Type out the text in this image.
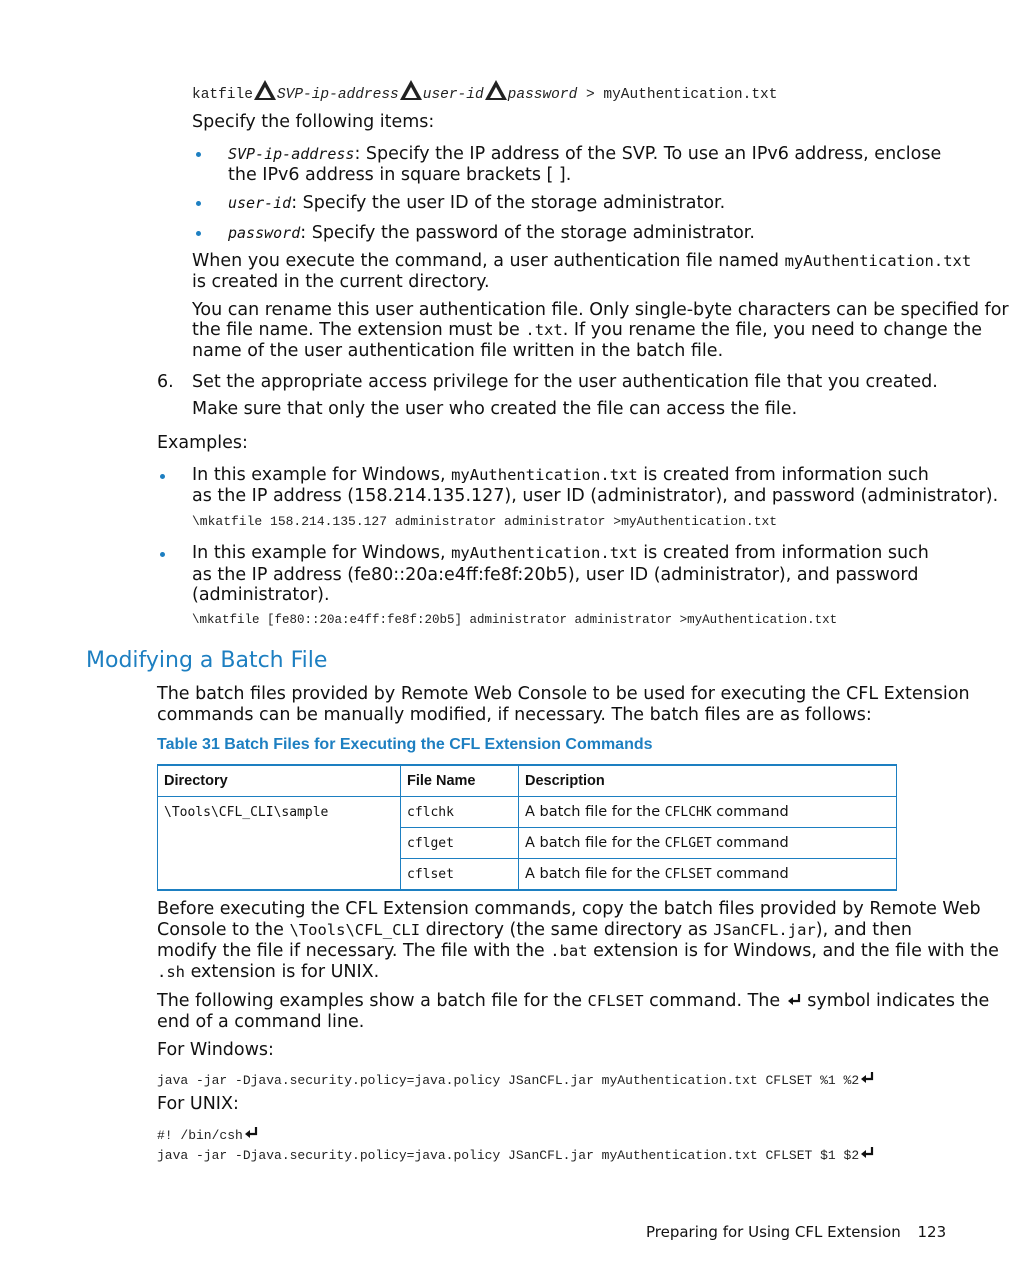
katfile SVP-ip-address user-id password > myAuthentication.txt
Specify the following items:
SVP-ip-address: Specify the IP address of the SVP. To use an IPv6 address, enclose
the IPv6 address in square brackets [ ].
user-id: Specify the user ID of the storage administrator.
password: Specify the password of the storage administrator.
When you execute the command, a user authentication file named myAuthentication.txt
is created in the current directory.
You can rename this user authentication file. Only single-byte characters can be specified for
the file name. The extension must be .txt. If you rename the file, you need to change the
name of the user authentication file written in the batch file.
6. Set the appropriate access privilege for the user authentication file that you created.
Make sure that only the user who created the file can access the file.
Examples:
In this example for Windows, myAuthentication.txt is created from information such
as the IP address (158.214.135.127), user ID (administrator), and password (administrator).
\mkatfile 158.214.135.127 administrator administrator >myAuthentication.txt
In this example for Windows, myAuthentication.txt is created from information such
as the IP address (fe80::20a:e4ff:fe8f:20b5), user ID (administrator), and password
(administrator).
\mkatfile [fe80::20a:e4ff:fe8f:20b5] administrator administrator >myAuthentication.txt
Modifying a Batch File
The batch files provided by Remote Web Console to be used for executing the CFL Extension
commands can be manually modified, if necessary. The batch files are as follows:
Table 31 Batch Files for Executing the CFL Extension Commands
Directory	File Name	Description
\Tools\CFL_CLI\sample	cflchk	A batch file for the CFLCHK command
	cflget	A batch file for the CFLGET command
	cflset	A batch file for the CFLSET command
Before executing the CFL Extension commands, copy the batch files provided by Remote Web
Console to the \Tools\CFL_CLI directory (the same directory as JSanCFL.jar), and then
modify the file if necessary. The file with the .bat extension is for Windows, and the file with the
.sh extension is for UNIX.
The following examples show a batch file for the CFLSET command. The  symbol indicates the
end of a command line.
For Windows:
java -jar -Djava.security.policy=java.policy JSanCFL.jar myAuthentication.txt CFLSET %1 %2
For UNIX:
#! /bin/csh
java -jar -Djava.security.policy=java.policy JSanCFL.jar myAuthentication.txt CFLSET $1 $2
Preparing for Using CFL Extension 123
